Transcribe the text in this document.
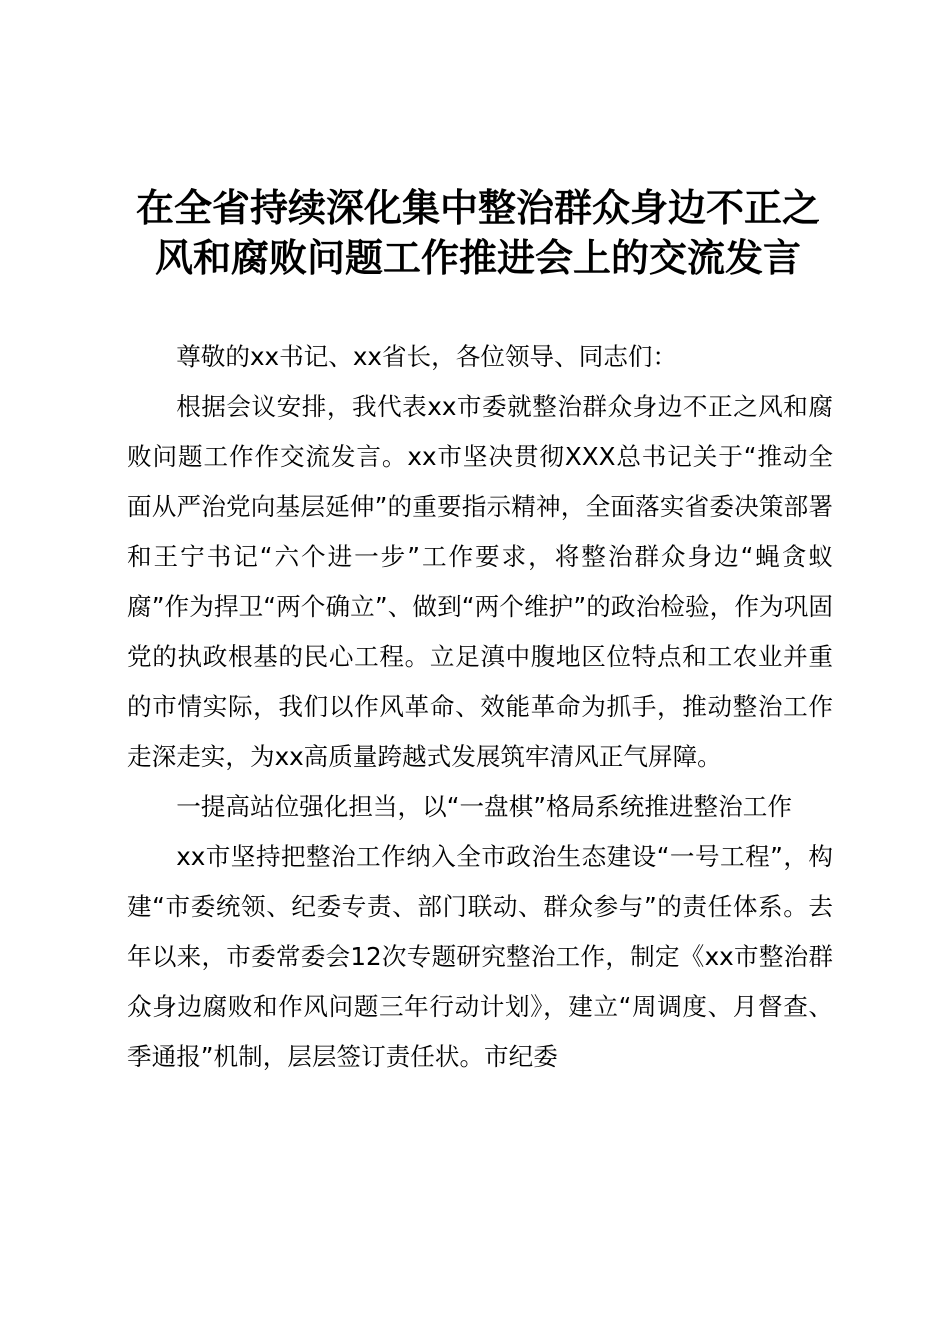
在全省持续深化集中整治群众身边不正之风和腐败问题工作推进会上的交流发言

尊敬的xx书记、xx省长，各位领导、同志们：

根据会议安排，我代表xx市委就整治群众身边不正之风和腐败问题工作作交流发言。xx市坚决贯彻XXX总书记关于“推动全面从严治党向基层延伸”的重要指示精神，全面落实省委决策部署和王宁书记“六个进一步”工作要求，将整治群众身边“蝇贪蚁腐”作为捍卫“两个确立”、做到“两个维护”的政治检验，作为巩固党的执政根基的民心工程。立足滇中腹地区位特点和工农业并重的市情实际，我们以作风革命、效能革命为抓手，推动整治工作走深走实，为xx高质量跨越式发展筑牢清风正气屏障。

一提高站位强化担当，以“一盘棋”格局系统推进整治工作

xx市坚持把整治工作纳入全市政治生态建设“一号工程”，构建“市委统领、纪委专责、部门联动、群众参与”的责任体系。去年以来，市委常委会12次专题研究整治工作，制定《xx市整治群众身边腐败和作风问题三年行动计划》，建立“周调度、月督查、季通报”机制，层层签订责任状。市纪委
